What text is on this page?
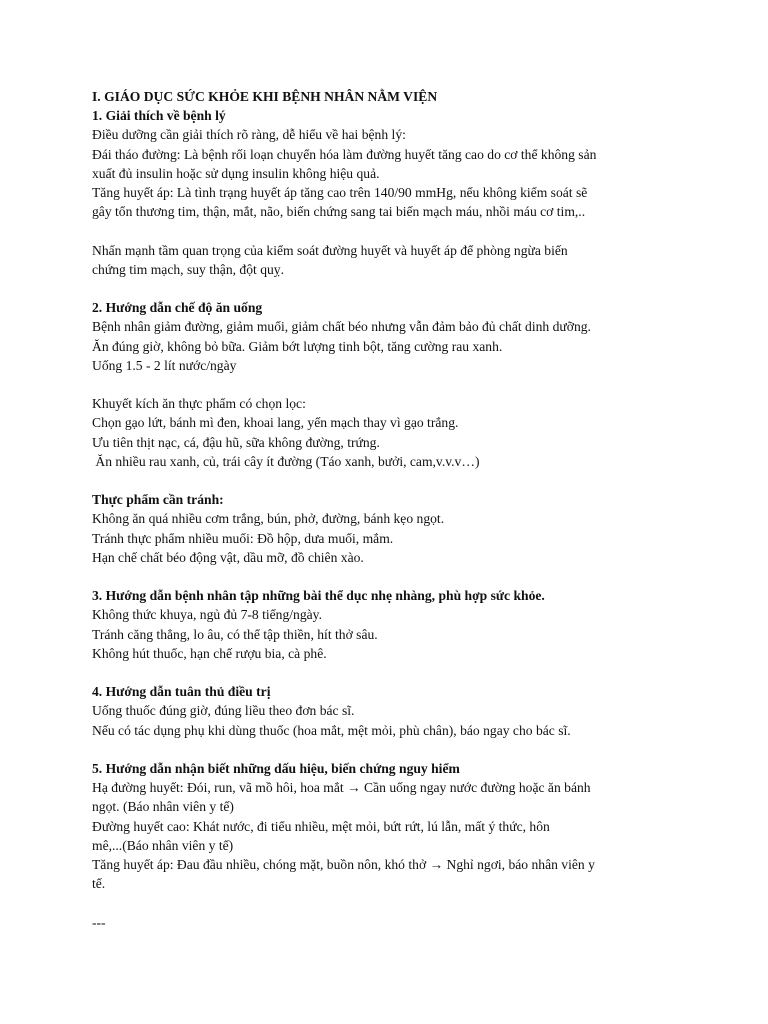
I. GIÁO DỤC SỨC KHỎE KHI BỆNH NHÂN NẰM VIỆN
1. Giải thích về bệnh lý
Điều dưỡng cần giải thích rõ ràng, dễ hiểu về hai bệnh lý:
Đái tháo đường: Là bệnh rối loạn chuyển hóa làm đường huyết tăng cao do cơ thể không sản
xuất đủ insulin hoặc sử dụng insulin không hiệu quả.
Tăng huyết áp: Là tình trạng huyết áp tăng cao trên 140/90 mmHg, nếu không kiểm soát sẽ
gây tổn thương tim, thận, mắt, não, biến chứng sang tai biến mạch máu, nhồi máu cơ tim,..
Nhấn mạnh tầm quan trọng của kiểm soát đường huyết và huyết áp để phòng ngừa biến
chứng tim mạch, suy thận, đột quỵ.
2. Hướng dẫn chế độ ăn uống
Bệnh nhân giảm đường, giảm muối, giảm chất béo nhưng vẫn đảm bảo đủ chất dinh dưỡng.
Ăn đúng giờ, không bỏ bữa. Giảm bớt lượng tinh bột, tăng cường rau xanh.
Uống 1.5 - 2 lít nước/ngày
Khuyết kích ăn thực phẩm có chọn lọc:
Chọn gạo lứt, bánh mì đen, khoai lang, yến mạch thay vì gạo trắng.
Ưu tiên thịt nạc, cá, đậu hũ, sữa không đường, trứng.
Ăn nhiều rau xanh, củ, trái cây ít đường (Táo xanh, bưởi, cam,v.v.v…)
Thực phẩm cần tránh:
Không ăn quá nhiều cơm trắng, bún, phở, đường, bánh kẹo ngọt.
Tránh thực phẩm nhiều muối: Đồ hộp, dưa muối, mắm.
Hạn chế chất béo động vật, dầu mỡ, đồ chiên xào.
3. Hướng dẫn bệnh nhân tập những bài thể dục nhẹ nhàng, phù hợp sức khỏe.
Không thức khuya, ngủ đủ 7-8 tiếng/ngày.
Tránh căng thẳng, lo âu, có thể tập thiền, hít thở sâu.
Không hút thuốc, hạn chế rượu bia, cà phê.
4. Hướng dẫn tuân thủ điều trị
Uống thuốc đúng giờ, đúng liều theo đơn bác sĩ.
Nếu có tác dụng phụ khi dùng thuốc (hoa mắt, mệt mỏi, phù chân), báo ngay cho bác sĩ.
5. Hướng dẫn nhận biết những dấu hiệu, biến chứng nguy hiểm
Hạ đường huyết: Đói, run, vã mồ hôi, hoa mắt → Cần uống ngay nước đường hoặc ăn bánh
ngọt. (Báo nhân viên y tế)
Đường huyết cao: Khát nước, đi tiểu nhiều, mệt mỏi, bứt rứt, lú lẫn, mất ý thức, hôn
mê,...(Báo nhân viên y tế)
Tăng huyết áp: Đau đầu nhiều, chóng mặt, buồn nôn, khó thở → Nghỉ ngơi, báo nhân viên y
tế.
---
